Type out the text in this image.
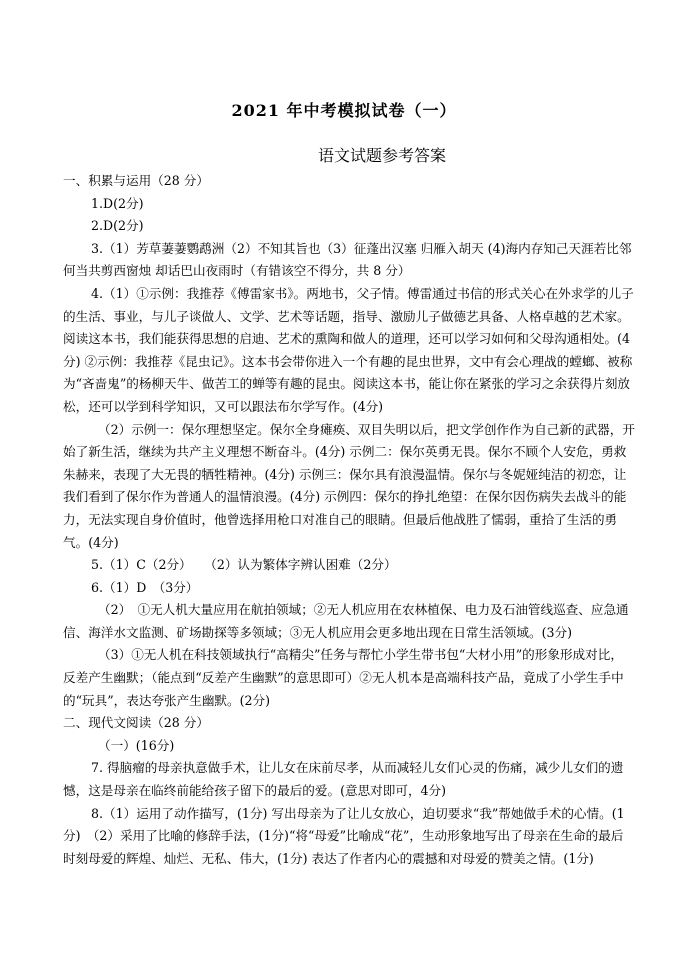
2021 年中考模拟试卷（一）
语文试题参考答案

一、积累与运用（28 分）

1.D(2分)

2.D(2分)

3.（1）芳草萋萋鹦鹉洲（2）不知其旨也（3）征蓬出汉塞 归雁入胡天 (4)海内存知己天涯若比邻 何当共剪西窗烛 却话巴山夜雨时（有错该空不得分，共 8 分）

4.（1）①示例：我推荐《傅雷家书》。两地书，父子情。傅雷通过书信的形式关心在外求学的儿子的生活、事业，与儿子谈做人、文学、艺术等话题，指导、激励儿子做德艺具备、人格卓越的艺术家。阅读这本书，我们能获得思想的启迪、艺术的熏陶和做人的道理，还可以学习如何和父母沟通相处。(4分) ②示例：我推荐《昆虫记》。这本书会带你进入一个有趣的昆虫世界，文中有会心理战的螳螂、被称为“吝啬鬼”的杨柳天牛、做苦工的蝉等有趣的昆虫。阅读这本书，能让你在紧张的学习之余获得片刻放松，还可以学到科学知识，又可以跟法布尔学写作。(4分)

（2）示例一：保尔理想坚定。保尔全身瘫痪、双目失明以后，把文学创作作为自己新的武器，开始了新生活，继续为共产主义理想不断奋斗。(4分) 示例二：保尔英勇无畏。保尔不顾个人安危，勇救朱赫来，表现了大无畏的牺牲精神。(4分) 示例三：保尔具有浪漫温情。保尔与冬妮娅纯洁的初恋，让我们看到了保尔作为普通人的温情浪漫。(4分) 示例四：保尔的挣扎绝望：在保尔因伤病失去战斗的能力，无法实现自身价值时，他曾选择用枪口对准自己的眼睛。但最后他战胜了懦弱，重拾了生活的勇气。(4分)

5.（1）C（2分）　　（2）认为繁体字辨认困难（2分）

6.（1）D　（3分）

（2）　①无人机大量应用在航拍领域；②无人机应用在农林植保、电力及石油管线巡查、应急通信、海洋水文监测、矿场勘探等多领域；③无人机应用会更多地出现在日常生活领域。(3分)

（3）①无人机在科技领域执行“高精尖”任务与帮忙小学生带书包“大材小用”的形象形成对比，反差产生幽默；（能点到“反差产生幽默”的意思即可）②无人机本是高端科技产品，竟成了小学生手中的“玩具”，表达夸张产生幽默。(2分)

二、现代文阅读（28 分）

（一）(16分)

7. 得脑瘤的母亲执意做手术，让儿女在床前尽孝，从而减轻儿女们心灵的伤痛，减少儿女们的遗憾，这是母亲在临终前能给孩子留下的最后的爱。(意思对即可，4分)

8.（1）运用了动作描写，(1分) 写出母亲为了让儿女放心，迫切要求“我”帮她做手术的心情。(1分)　（2）采用了比喻的修辞手法，(1分)“将“母爱”比喻成“花”，生动形象地写出了母亲在生命的最后时刻母爱的辉煌、灿烂、无私、伟大，(1分) 表达了作者内心的震撼和对母爱的赞美之情。(1分)
